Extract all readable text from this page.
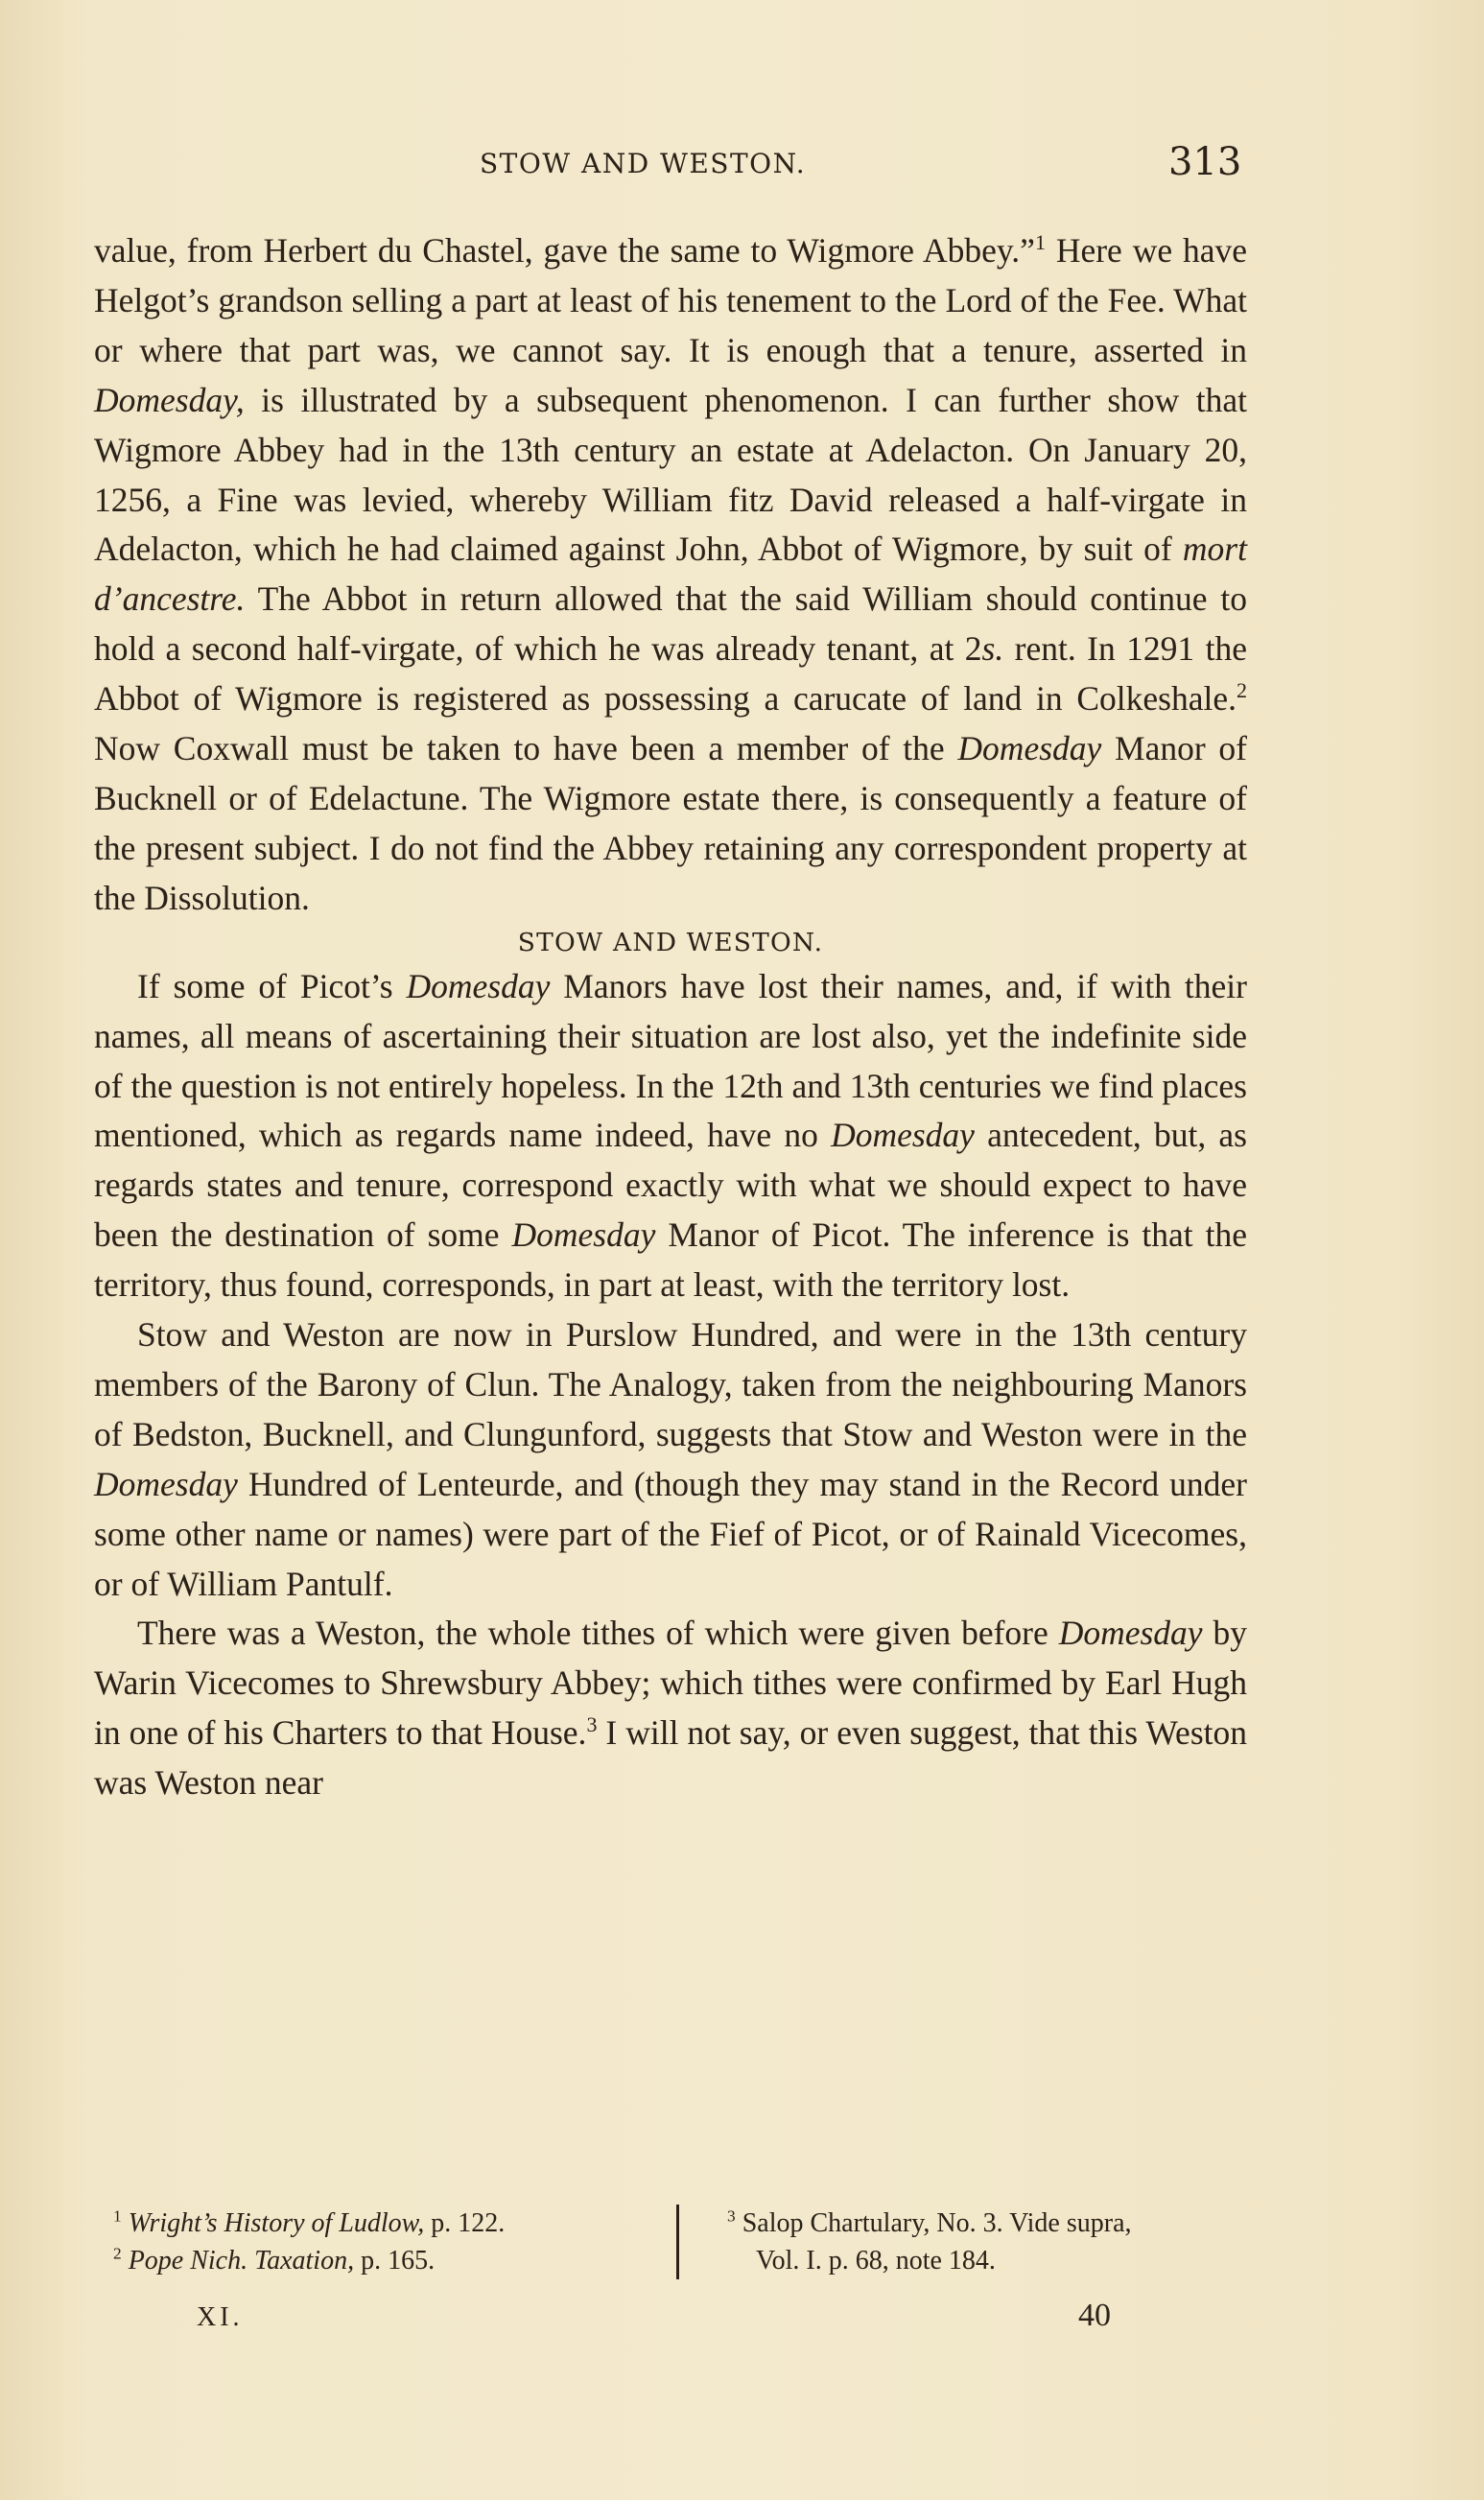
STOW AND WESTON.	313

value, from Herbert du Chastel, gave the same to Wigmore Abbey.”$^1$ Here we have Helgot’s grandson selling a part at least of his tenement to the Lord of the Fee. What or where that part was, we cannot say. It is enough that a tenure, asserted in Domesday, is illustrated by a subsequent phenomenon. I can further show that Wigmore Abbey had in the 13th century an estate at Adelacton. On January 20, 1256, a Fine was levied, whereby William fitz David released a half-virgate in Adelacton, which he had claimed against John, Abbot of Wigmore, by suit of mort d’ancestre. The Abbot in return allowed that the said William should continue to hold a second half-virgate, of which he was already tenant, at 2s. rent. In 1291 the Abbot of Wigmore is registered as possessing a carucate of land in Colkeshale.$^2$ Now Coxwall must be taken to have been a member of the Domesday Manor of Bucknell or of Edelactune. The Wigmore estate there, is consequently a feature of the present subject. I do not find the Abbey retaining any correspondent property at the Dissolution.

STOW AND WESTON.

If some of Picot’s Domesday Manors have lost their names, and, if with their names, all means of ascertaining their situation are lost also, yet the indefinite side of the question is not entirely hopeless. In the 12th and 13th centuries we find places mentioned, which as regards name indeed, have no Domesday antecedent, but, as regards states and tenure, correspond exactly with what we should expect to have been the destination of some Domesday Manor of Picot. The inference is that the territory, thus found, corresponds, in part at least, with the territory lost.

Stow and Weston are now in Purslow Hundred, and were in the 13th century members of the Barony of Clun. The Analogy, taken from the neighbouring Manors of Bedston, Bucknell, and Clungunford, suggests that Stow and Weston were in the Domesday Hundred of Lenteurde, and (though they may stand in the Record under some other name or names) were part of the Fief of Picot, or of Rainald Vicecomes, or of William Pantulf.

There was a Weston, the whole tithes of which were given before Domesday by Warin Vicecomes to Shrewsbury Abbey; which tithes were confirmed by Earl Hugh in one of his Charters to that House.$^3$ I will not say, or even suggest, that this Weston was Weston near

$^1$ Wright’s History of Ludlow, p. 122.
$^2$ Pope Nich. Taxation, p. 165.
$^3$ Salop Chartulary, No. 3. Vide supra,
Vol. I. p. 68, note 184.
XI.	40
